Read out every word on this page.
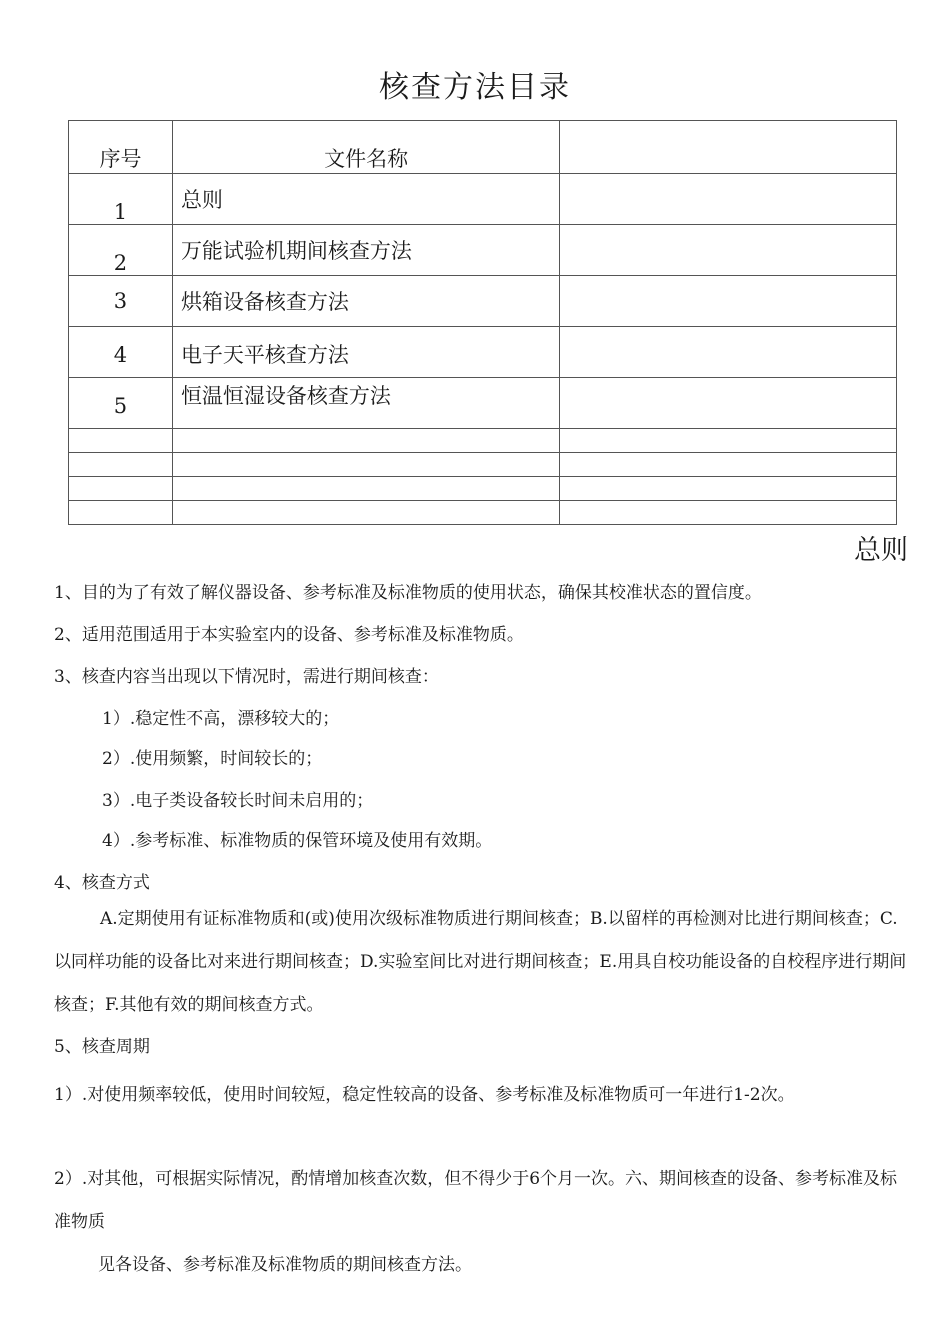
核查方法目录
序号	文件名称	
1	总则	
2	万能试验机期间核查方法	
3	烘箱设备核查方法	
4	电子天平核查方法	
5	恒温恒湿设备核查方法	

总则
1、目的为了有效了解仪器设备、参考标准及标准物质的使用状态，确保其校准状态的置信度。
2、适用范围适用于本实验室内的设备、参考标准及标准物质。
3、核查内容当出现以下情况时，需进行期间核查：
1）.稳定性不高，漂移较大的；
2）.使用频繁，时间较长的；
3）.电子类设备较长时间未启用的；
4）.参考标准、标准物质的保管环境及使用有效期。
4、核查方式
A.定期使用有证标准物质和(或)使用次级标准物质进行期间核查；B.以留样的再检测对比进行期间核查；C.以同样功能的设备比对来进行期间核查；D.实验室间比对进行期间核查；E.用具自校功能设备的自校程序进行期间核查；F.其他有效的期间核查方式。
5、核查周期
1）.对使用频率较低，使用时间较短，稳定性较高的设备、参考标准及标准物质可一年进行1-2次。
2）.对其他，可根据实际情况，酌情增加核查次数，但不得少于6个月一次。六、期间核查的设备、参考标准及标准物质
见各设备、参考标准及标准物质的期间核查方法。
